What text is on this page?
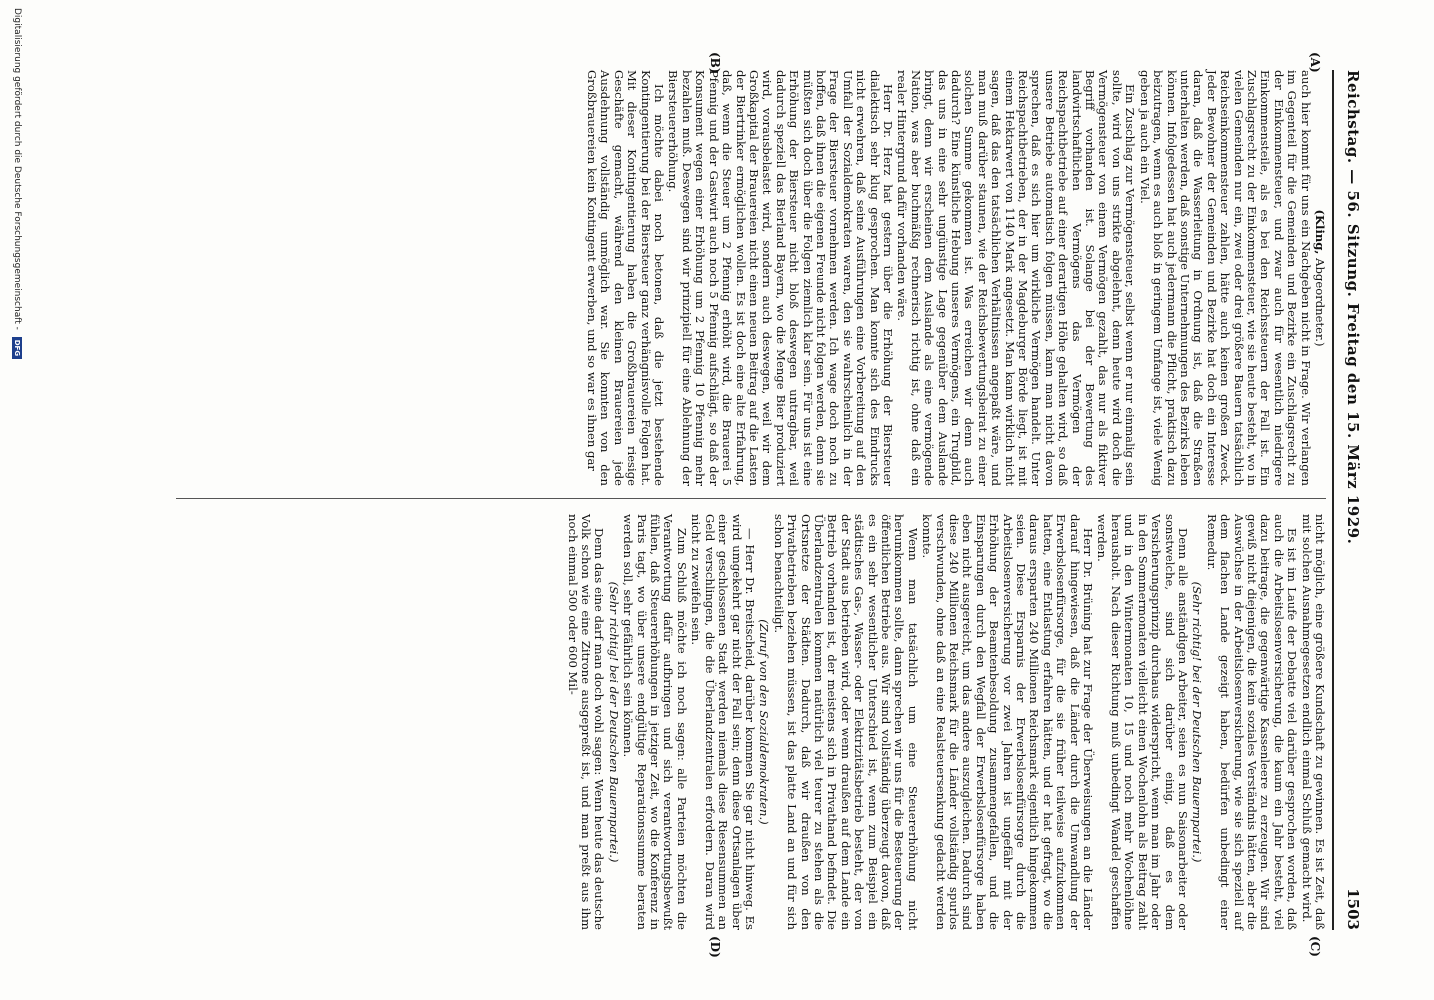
Reichstag. — 56. Sitzung. Freitag den 15. März 1929.
1503
(A)
(B)
(C)
(D)

(Kling, Abgeordneter.)

auch hier kommt für uns ein Nachgeben nicht in Frage. Wir verlangen im Gegenteil für die Gemeinden und Bezirke ein Zuschlagsrecht zu der Einkommensteuer, und zwar auch für wesentlich niedrigere Einkommensteile, als es bei den Reichssteuern der Fall ist. Ein Zuschlagsrecht zu der Einkommensteuer, wie sie heute besteht, wo in vielen Gemeinden nur ein, zwei oder drei größere Bauern tatsächlich Reichseinkommensteuer zahlen, hätte auch keinen großen Zweck. Jeder Bewohner der Gemeinden und Bezirke hat doch ein Interesse daran, daß die Wasserleitung in Ordnung ist, daß die Straßen unterhalten werden, daß sonstige Unternehmungen des Bezirks leben können. Infolgedessen hat auch jedermann die Pflicht, praktisch dazu beizutragen, wenn es auch bloß in geringem Umfange ist, viele Wenig geben ja auch ein Viel.

Ein Zuschlag zur Vermögensteuer, selbst wenn er nur einmalig sein sollte, wird von uns strikte abgelehnt, denn heute wird doch die Vermögensteuer von einem Vermögen gezahlt, das nur als fiktiver Begriff vorhanden ist. Solange bei der Bewertung des landwirtschaftlichen Vermögens das Vermögen der Reichspachtbetriebe auf einer derartigen Höhe gehalten wird, so daß unsere Betriebe automatisch folgen müssen, kann man nicht davon sprechen, daß es sich hier um wirkliche Vermögen handelt. Unter Reichspachtbetrieben, der in der Magdeburger Börde liegt, ist mit einem Hektarwert von 1140 Mark angesetzt. Man kann wirklich nicht sagen, daß das den tatsächlichen Verhältnissen angepaßt wäre, und man muß darüber staunen, wie der Reichsbewertungsbeirat zu einer solchen Summe gekommen ist. Was erreichen wir denn auch dadurch? Eine künstliche Hebung unseres Vermögens, ein Trugbild, das uns in eine sehr ungünstige Lage gegenüber dem Auslande bringt, denn wir erscheinen dem Auslande als eine vermögende Nation, was aber buchmäßig rechnerisch richtig ist, ohne daß ein realer Hintergrund dafür vorhanden wäre.

Herr Dr. Herz hat gestern über die Erhöhung der Biersteuer dialektisch sehr klug gesprochen. Man konnte sich des Eindrucks nicht erwehren, daß seine Ausführungen eine Vorbereitung auf den Umfall der Sozialdemokraten waren, den sie wahrscheinlich in der Frage der Biersteuer vornehmen werden. Ich wage doch noch zu hoffen, daß ihnen die eigenen Freunde nicht folgen werden, denn sie müßten sich doch über die Folgen ziemlich klar sein. Für uns ist eine Erhöhung der Biersteuer nicht bloß deswegen untragbar, weil dadurch speziell das Bierland Bayern, wo die Menge Bier produziert wird, vorausbelastet wird, sondern auch deswegen, weil wir dem Großkapital der Brauereien nicht einen neuen Beitrag auf die Lasten der Biertrinker ermöglichen wollen. Es ist doch eine alte Erfahrung, daß, wenn die Steuer um 2 Pfennig erhöht wird, die Brauerei 5 Pfennig und der Gastwirt auch noch 5 Pfennig aufschlägt, so daß der Konsument wegen einer Erhöhung um 2 Pfennig 10 Pfennig mehr bezahlen muß. Deswegen sind wir prinzipiell für eine Ablehnung der Biersteuererhöhung.

Ich möchte dabei noch betonen, daß die jetzt bestehende Kontingentierung bei der Biersteuer ganz verhängnisvolle Folgen hat. Mit dieser Kontingentierung haben die Großbrauereien riesige Geschäfte gemacht, während den kleinen Brauereien jede Ausdehnung vollständig unmöglich war. Sie konnten von den Großbrauereien kein Kontingent erwerben, und so war es ihnen gar

nicht möglich, eine größere Kundschaft zu gewinnen. Es ist Zeit, daß mit solchen Ausnahmegesetzen endlich einmal Schluß gemacht wird.

Es ist im Laufe der Debatte viel darüber gesprochen worden, daß auch die Arbeitslosenversicherung, die kaum ein Jahr besteht, viel dazu beitrage, die gegenwärtige Kassenleere zu erzeugen. Wir sind gewiß nicht diejenigen, die kein soziales Verständnis hätten, aber die Auswüchse in der Arbeitslosenversicherung, wie sie sich speziell auf dem flachen Lande gezeigt haben, bedürfen unbedingt einer Remedur.

(Sehr richtig! bei der Deutschen Bauernpartei.)

Denn alle anständigen Arbeiter, seien es nun Saisonarbeiter oder sonstwelche, sind sich darüber einig, daß es dem Versicherungsprinzip durchaus widerspricht, wenn man im Jahr oder in den Sommermonaten vielleicht einen Wochenlohn als Beitrag zahlt und in den Wintermonaten 10, 15 und noch mehr Wochenlöhne herausholt. Nach dieser Richtung muß unbedingt Wandel geschaffen werden.

Herr Dr. Brüning hat zur Frage der Überweisungen an die Länder darauf hingewiesen, daß die Länder durch die Umwandlung der Erwerbslosenfürsorge, für die sie früher teilweise aufzukommen hatten, eine Entlastung erfahren hätten, und er hat gefragt, wo die daraus ersparten 240 Millionen Reichsmark eigentlich hingekommen seien. Diese Ersparnis der Erwerbslosenfürsorge durch die Arbeitslosenversicherung vor zwei Jahren ist ungefähr mit der Erhöhung der Beamtenbesoldung zusammengefallen, und die Einsparungen durch den Wegfall der Erwerbslosenfürsorge haben eben nicht ausgereicht, um das andere auszugleichen. Dadurch sind diese 240 Millionen Reichsmark für die Länder vollständig spurlos verschwunden, ohne daß an eine Realsteuersenkung gedacht werden konnte.

Wenn man tatsächlich um eine Steuererhöhung nicht herumkommen sollte, dann sprechen wir uns für die Besteuerung der öffentlichen Betriebe aus. Wir sind vollständig überzeugt davon, daß es ein sehr wesentlicher Unterschied ist, wenn zum Beispiel ein städtisches Gas-, Wasser- oder Elektrizitätsbetrieb besteht, der von der Stadt aus betrieben wird, oder wenn draußen auf dem Lande ein Betrieb vorhanden ist, der meistens sich in Privathand befindet. Die Überlandzentralen kommen natürlich viel teurer zu stehen als die Ortsnetze der Städten. Dadurch, daß wir draußen von den Privatbetrieben beziehen müssen, ist das platte Land an und für sich schon benachteiligt.

(Zuruf von den Sozialdemokraten.)

— Herr Dr. Breitscheid, darüber kommen Sie gar nicht hinweg. Es wird umgekehrt gar nicht der Fall sein; denn diese Ortsanlagen über einer geschlossenen Stadt werden niemals diese Riesensummen an Geld verschlingen, die die Überlandzentralen erfordern. Daran wird nicht zu zweifeln sein.

Zum Schluß möchte ich noch sagen: alle Parteien möchten die Verantwortung dafür aufbringen und sich verantwortungsbewußt fühlen, daß Steuererhöhungen in jetziger Zeit, wo die Konferenz in Paris tagt, wo über unsere endgültige Reparationssumme beraten werden soll, sehr gefährlich sein können.

(Sehr richtig! bei der Deutschen Bauernpartei.)

Denn das eine darf man doch wohl sagen: Wenn heute das deutsche Volk schon wie eine Zitrone ausgepreßt ist, und man preßt aus ihm noch einmal 500 oder 600 Mil-

Digitalisierung gefördert durch die Deutsche Forschungsgemeinschaft - DFG
